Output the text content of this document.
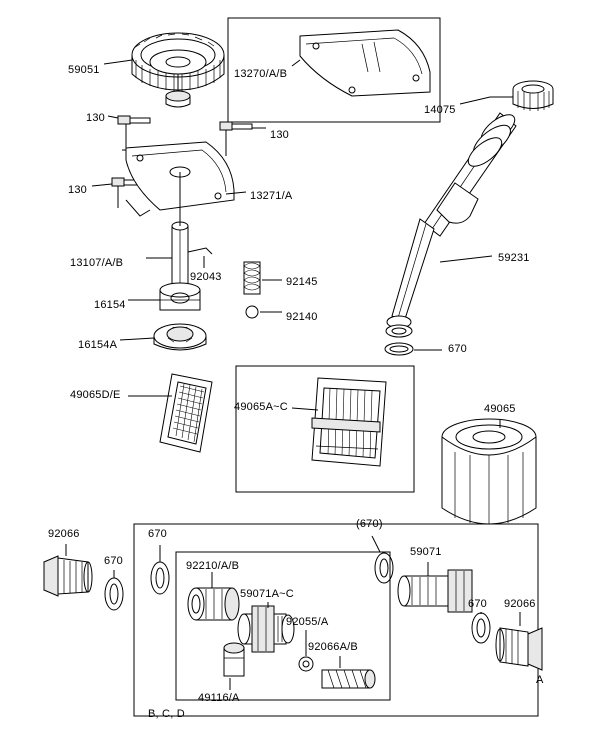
59051	13270/A/B
14075
130
130
130	13271/A
59231
13107/A/B
92043	92145
16154
92140
16154A	670
49065D/E
49065A~C	49065
92066	670
(670)
670
59071
92210/A/B
670
59071A~C
92066
92055/A
92066A/B
49116/A
B, C, D
A
